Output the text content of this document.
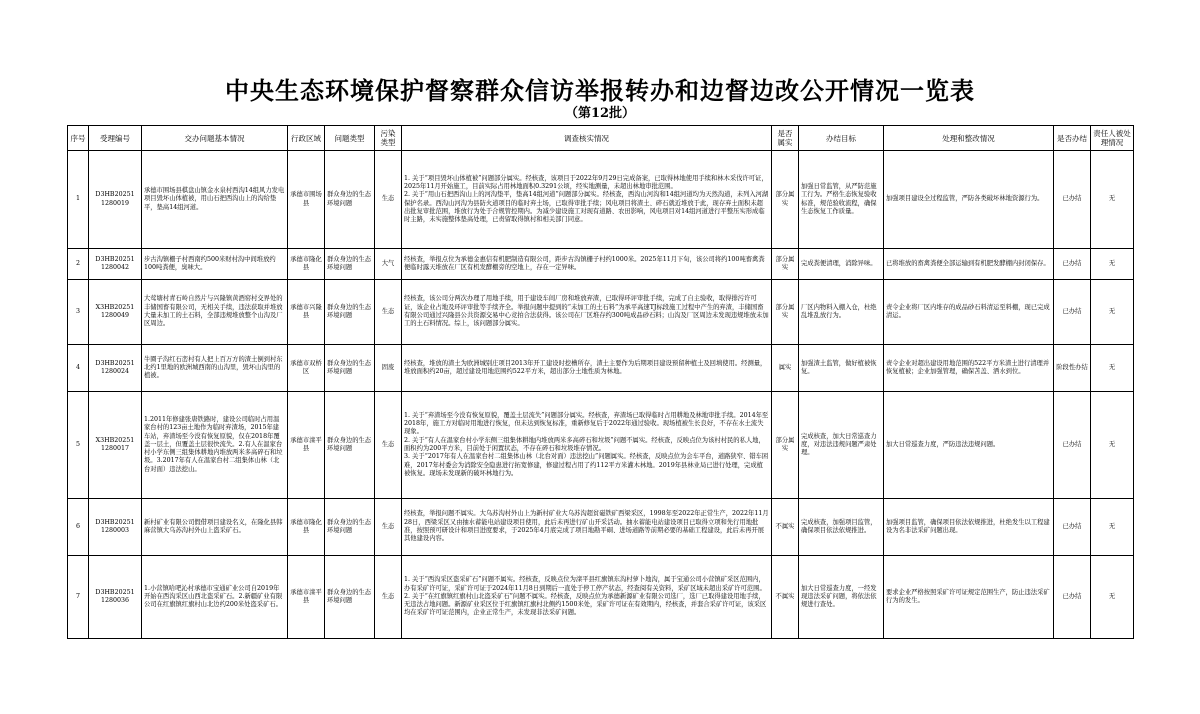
中央生态环境保护督察群众信访举报转办和边督边改公开情况一览表
（第12批）
序号	受理编号	交办问题基本情况	行政区域	问题类型	污染类型	调查核实情况	是否属实	办结目标	处理和整改情况	是否办结	责任人被处理情况
1	D3HB20251 1280019	承德市围场县棋盘山镇金水泉村西沟14组风力发电项目毁坏山体植被，用山石把西沟山上的沟给垫平，垫高14组河道。	承德市围场县	群众身边的生态环境问题	生态	1. 关于“项目毁坏山体植被”问题部分属实。经核查，该项目于2022年9月29日完成备案，已取得林地使用手续和林木采伐许可证，2025年11月开始施工，目前实际占用林地面积0.3291公顷，经实地测量，未超出林地审批范围。
2. 关于“用山石把西沟山上的河沟垫平，垫高14组河道”问题部分属实。经核查，西沟山河沟和14组河道均为天然沟道，未列入河湖保护名录。西沟山河沟为县防火道项目的临时弃土场，已取得审批手续；风电项目将渣土、碎石就近堆放于此，现存弃土面积未超出批复审批范围，堆放行为处于合规管控期内。为减少建设施工对现有道路、农田影响，风电项目对14组河道进行平整压实形成临时主路，未实施整体垫高处理，已责留取得镇村和相关部门同意。	部分属实	加强日常监管，从严防范施工行为。严格生态恢复验收标准，规范验收流程，确保生态恢复工作质量。	加强项目建设全过程监管，严防各类破坏林地资源行为。	已办结	无
2	D3HB20251 1280042	步古沟镇栅子村西南约500米财村沟中间堆放约100吨粪便，臭味大。	承德市隆化县	群众身边的生态环境问题	大气	经核查，举报点位为承德金惠信有机肥制造有限公司，距步古沟镇栅子村约1000米。2025年11月下旬，该公司将约100吨畜禽粪便临时露天堆放在厂区有机发酵棚旁的空地上，存在一定异味。	部分属实	完成粪便清理，消除异味。	已将堆放的畜禽粪便全部运输到有机肥发酵棚内封闭保存。	已办结	无
3	X3HB20251 1280049	大莺塘村青石岭自然片与兴隆镇黄酒窑村交界处的丰储国畜有限公司，无相关手续，违法获取并堆放大量未加工的土石料，全部违规堆放整个山沟及厂区周边。	承德市兴隆县	群众身边的生态环境问题	生态	经核查，该公司分两次办理了用地手续，用于建设车间厂房和堆放弃渣，已取得环评审批手续，完成了自主验收，取得排污许可证，该企业占地及环评审批等手续齐全。举报问题中提到的“未加工的土石料”为承平高速TJ标段施工过程中产生的弃渣，丰储国畜有限公司通过兴隆县公共资源交易中心竞拍合法获得。该公司在厂区堆存约300吨成品砂石料；山沟及厂区周边未发现违规堆放未加工的土石料情况。综上，该问题部分属实。	部分属实	厂区内物料入棚入仓，杜绝乱堆乱放行为。	责令企业将厂区内堆存的成品砂石料清运至料棚，现已完成清运。	已办结	无
4	D3HB20251 1280024	牛圈子沟红石峦村有人把上百万方的渣土倒到村东北约1里地的欧洲城西南的山沟里，毁坏山沟里的植被。	承德市双桥区	群众身边的生态环境问题	固废	经核查，堆放的渣土为欧洲城别庄项目2013年开工建设时挖槽所存，渣土主要作为后期项目建设预留种植土及回填使用。经测量，堆放面积约20亩，超过建设用地范围约522平方米，超出部分土地性质为林地。	属实	加强渣土监管，做好植被恢复。	责令企业对超出建设用地范围的522平方米渣土进行清理并恢复植被；企业加强管理，确保苫盖、洒水到位。	阶段性办结	无
5	X3HB20251 1280017	1.2011年修建张唐铁路时，建设公司临时占用温家台村的123亩土地作为临时弃渣场，2015年建车站，弃渣场至今没有恢复原貌，仅在2018年覆盖一层土，但覆盖土层很快流失。2.有人在温家台村小学东侧三组集体耕地内堆放两米多高碎石和垃圾。3.2017年有人在温家台村二组集体山林（北台对面）违法挖山。	承德市滦平县	群众身边的生态环境问题	生态	1. 关于“弃渣场至今没有恢复原貌，覆盖土层流失”问题部分属实。经核查，弃渣场已取得临时占用耕地及林地审批手续。2014年至2018年，施工方对临时用地进行恢复，但未达到恢复标准，重新修复后于2022年通过验收。现场植被生长良好，不存在水土流失现象。
2. 关于“有人在温家台村小学东侧三组集体耕地内堆放两米多高碎石和垃圾”问题不属实。经核查，反映点位为该村村民的私人地，面积约为200平方米，目前处于闲置状态，不存在碎石和垃圾堆存情况。
3. 关于“2017年有人在温家台村二组集体山林（北台对面）违法挖山”问题属实。经核查，反映点位为会车平台，道路狭窄、错车困难，2017年村委会为消除安全隐患进行拓宽修建，修建过程占用了约112平方米灌木林地。2019年县林业局已进行处理，完成植被恢复。现场未发现新的破坏林地行为。	部分属实	完成核查，加大日常巡查力度，对违法违规问题严肃处理。	加大日常巡查力度，严防违法违规问题。	已办结	无
6	D3HB20251 1280003	新村矿业有限公司假借项目建设名义，在隆化县韩麻营镇大乌苏沟村外山上盗采矿石。	承德市隆化县	群众身边的生态环境问题	生态	经核查，举报问题不属实。大乌苏沟村外山上为新村矿业大乌苏沟超贫磁铁矿西梁采区，1998年至2022年正常生产，2022年11月28日，西梁采区又由抽水蓄能电站建设项目使用，此后未再进行矿山开采活动。抽水蓄能电站建设项目已取得立项和先行用地批准，按照预可研设计和项目进度要求，于2025年4月底完成了项目地勘平硐、进场道路等前期必要的基础工程建设，此后未再开展其他建设内容。	不属实	完成核查，加强项目监管，确保项目依法依规推进。	加强项目监管，确保项目依法依规推进，杜绝发生以工程建设为名非法采矿问题出现。	已办结	无
7	D3HB20251 1280036	1.小营镇哈吧沁村承德市宝通矿业公司自2019年开始在西沟采区山西北盗采矿石。2.新疆矿业有限公司在红旗镇红旗村山北边约200米处盗采矿石。	承德市滦平县	群众身边的生态环境问题	生态	1. 关于“西沟采区盗采矿石”问题不属实。经核查，反映点位为滦平县红旗镇东沟村萝卜地沟，属于宝通公司小营镇矿采区范围内，办有采矿许可证，采矿许可证于2024年11月8日到期后一直处于停工停产状态，经查阅有关资料，采矿区域未超出采矿许可范围。
2. 关于“在红旗镇红旗村山北盗采矿石”问题不属实。经核查，反映点位为承德新源矿业有限公司选厂，选厂已取得建设用地手续，无违法占地问题。新源矿业采区位于红旗镇红旗村北侧约1500米处，采矿许可证在有效期内，经核查，并套合采矿许可证，该采区均在采矿许可证范围内，企业正常生产，未发现非法采矿问题。	不属实	加大日常巡查力度，一经发现违法采矿问题，将依法依规进行查处。	要求企业严格按照采矿许可证规定范围生产，防止违法采矿行为的发生。	已办结	无
